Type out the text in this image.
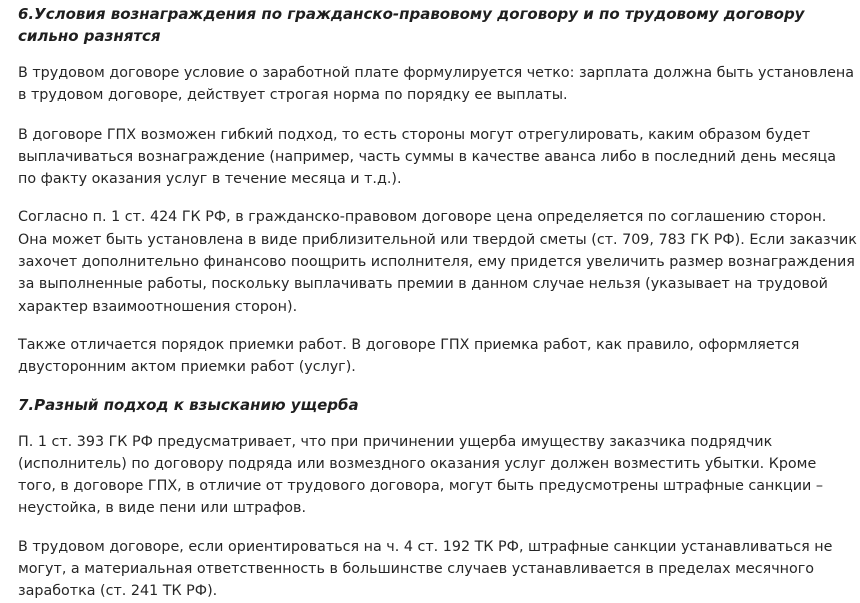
6.Условия вознаграждения по гражданско-правовому договору и по трудовому договору сильно разнятся

В трудовом договоре условие о заработной плате формулируется четко: зарплата должна быть установлена в трудовом договоре, действует строгая норма по порядку ее выплаты.

В договоре ГПХ возможен гибкий подход, то есть стороны могут отрегулировать, каким образом будет выплачиваться вознаграждение (например, часть суммы в качестве аванса либо в последний день месяца по факту оказания услуг в течение месяца и т.д.).

Согласно п. 1 ст. 424 ГК РФ, в гражданско-правовом договоре цена определяется по соглашению сторон. Она может быть установлена в виде приблизительной или твердой сметы (ст. 709, 783 ГК РФ). Если заказчик захочет дополнительно финансово поощрить исполнителя, ему придется увеличить размер вознаграждения за выполненные работы, поскольку выплачивать премии в данном случае нельзя (указывает на трудовой характер взаимоотношения сторон).

Также отличается порядок приемки работ. В договоре ГПХ приемка работ, как правило, оформляется двусторонним актом приемки работ (услуг).

7.Разный подход к взысканию ущерба

П. 1 ст. 393 ГК РФ предусматривает, что при причинении ущерба имуществу заказчика подрядчик (исполнитель) по договору подряда или возмездного оказания услуг должен возместить убытки. Кроме того, в договоре ГПХ, в отличие от трудового договора, могут быть предусмотрены штрафные санкции – неустойка, в виде пени или штрафов.

В трудовом договоре, если ориентироваться на ч. 4 ст. 192 ТК РФ, штрафные санкции устанавливаться не могут, а материальная ответственность в большинстве случаев устанавливается в пределах месячного заработка (ст. 241 ТК РФ).
